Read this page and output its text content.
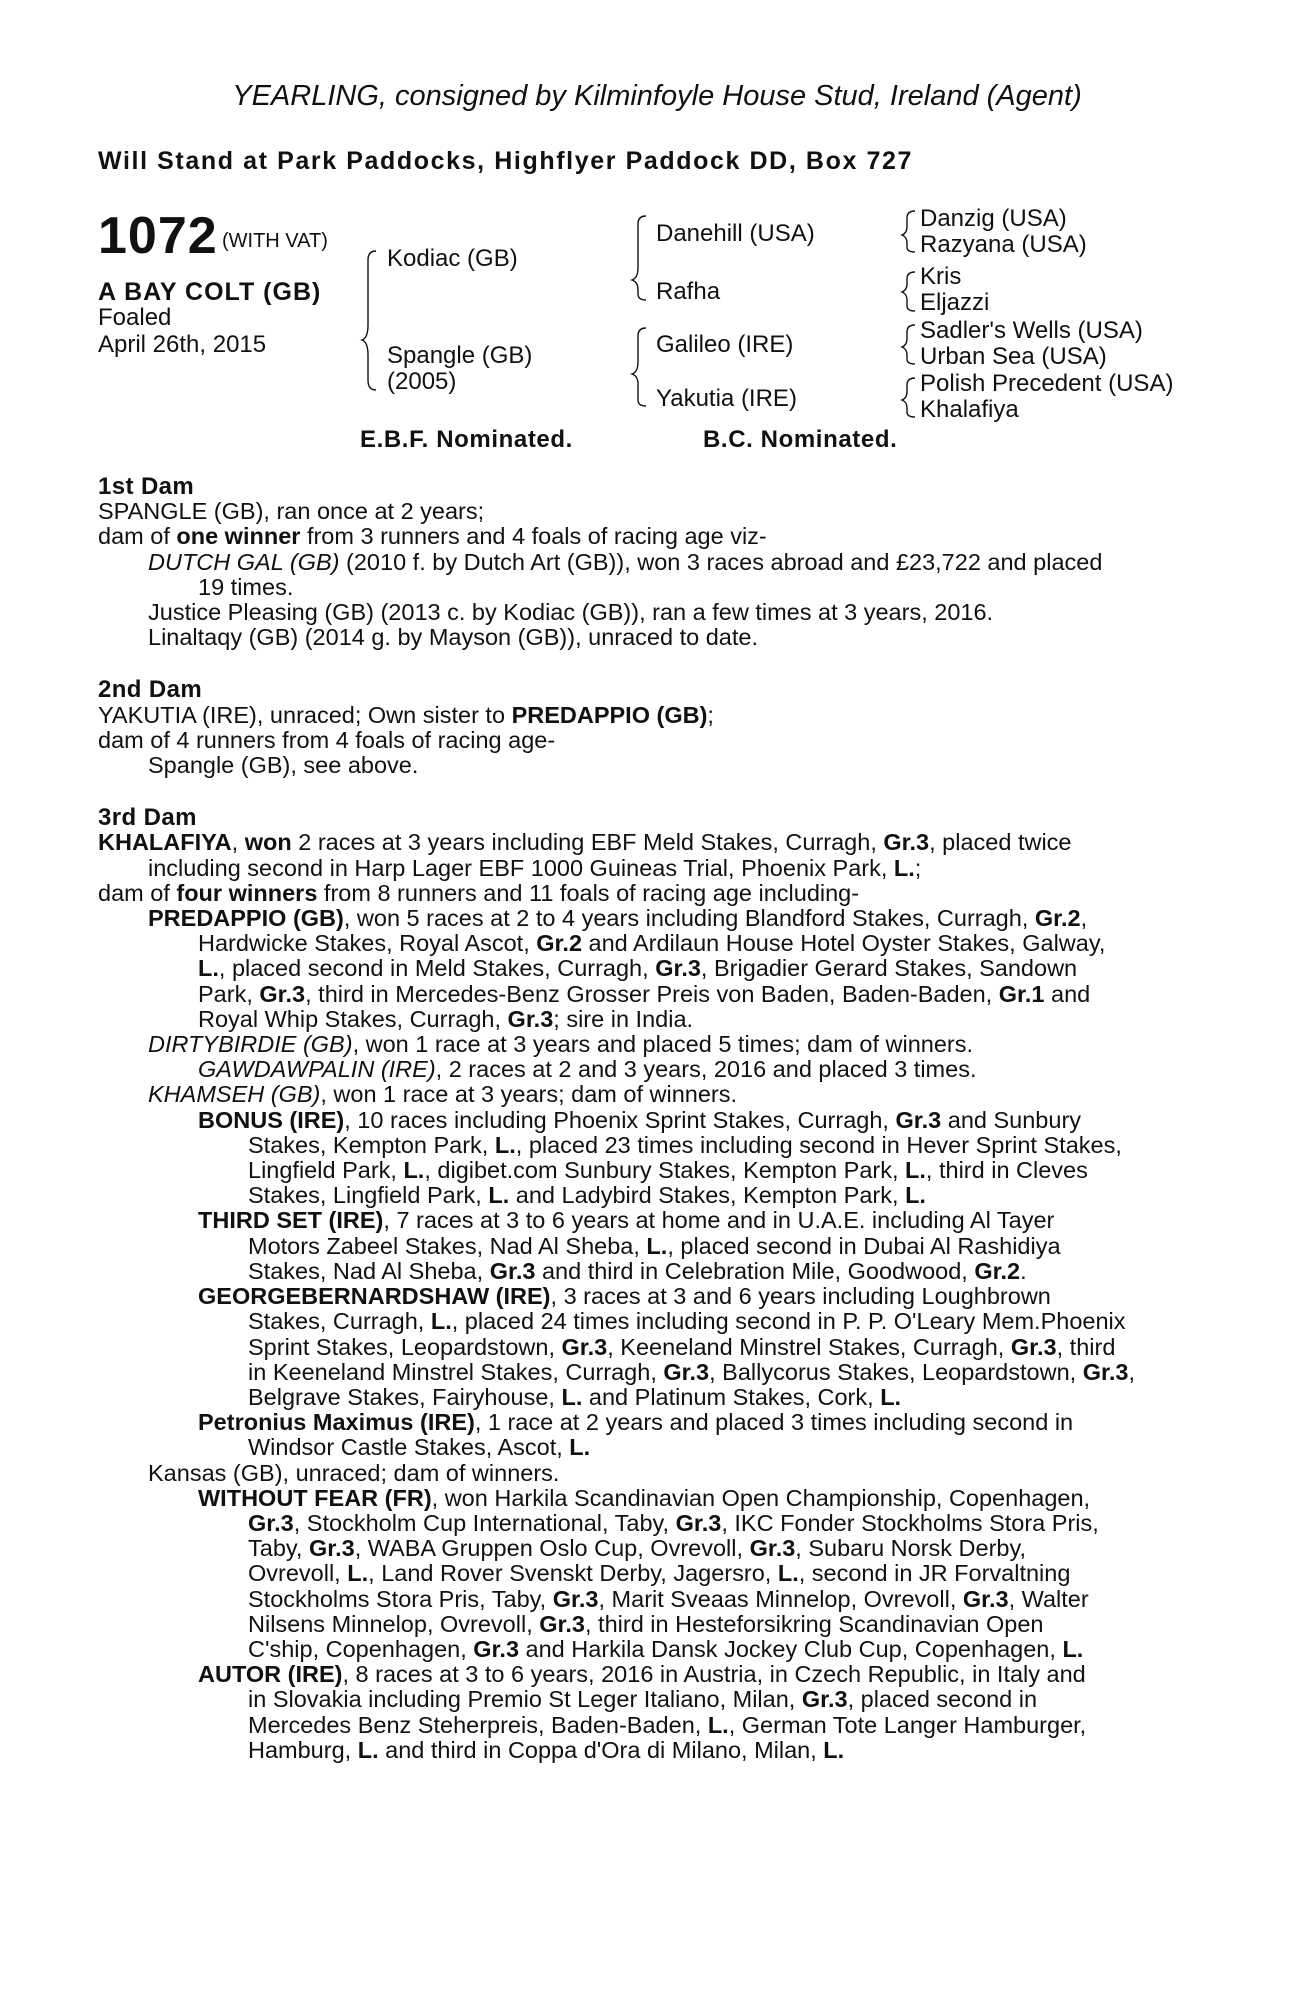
YEARLING, consigned by Kilminfoyle House Stud, Ireland (Agent)
Will Stand at Park Paddocks, Highflyer Paddock DD, Box 727
1072 (WITH VAT)
A BAY COLT (GB)
Foaled
April 26th, 2015
Kodiac (GB)
Spangle (GB)
(2005)
Danehill (USA)
Rafha
Galileo (IRE)
Yakutia (IRE)
Danzig (USA)
Razyana (USA)
Kris
Eljazzi
Sadler's Wells (USA)
Urban Sea (USA)
Polish Precedent (USA)
Khalafiya
E.B.F. Nominated.	B.C. Nominated.
1st Dam
SPANGLE (GB), ran once at 2 years;
dam of one winner from 3 runners and 4 foals of racing age viz-
DUTCH GAL (GB) (2010 f. by Dutch Art (GB)), won 3 races abroad and £23,722 and placed
19 times.
Justice Pleasing (GB) (2013 c. by Kodiac (GB)), ran a few times at 3 years, 2016.
Linaltaqy (GB) (2014 g. by Mayson (GB)), unraced to date.
2nd Dam
YAKUTIA (IRE), unraced; Own sister to PREDAPPIO (GB);
dam of 4 runners from 4 foals of racing age-
Spangle (GB), see above.
3rd Dam
KHALAFIYA, won 2 races at 3 years including EBF Meld Stakes, Curragh, Gr.3, placed twice
including second in Harp Lager EBF 1000 Guineas Trial, Phoenix Park, L.;
dam of four winners from 8 runners and 11 foals of racing age including-
PREDAPPIO (GB), won 5 races at 2 to 4 years including Blandford Stakes, Curragh, Gr.2,
Hardwicke Stakes, Royal Ascot, Gr.2 and Ardilaun House Hotel Oyster Stakes, Galway,
L., placed second in Meld Stakes, Curragh, Gr.3, Brigadier Gerard Stakes, Sandown
Park, Gr.3, third in Mercedes-Benz Grosser Preis von Baden, Baden-Baden, Gr.1 and
Royal Whip Stakes, Curragh, Gr.3; sire in India.
DIRTYBIRDIE (GB), won 1 race at 3 years and placed 5 times; dam of winners.
GAWDAWPALIN (IRE), 2 races at 2 and 3 years, 2016 and placed 3 times.
KHAMSEH (GB), won 1 race at 3 years; dam of winners.
BONUS (IRE), 10 races including Phoenix Sprint Stakes, Curragh, Gr.3 and Sunbury
Stakes, Kempton Park, L., placed 23 times including second in Hever Sprint Stakes,
Lingfield Park, L., digibet.com Sunbury Stakes, Kempton Park, L., third in Cleves
Stakes, Lingfield Park, L. and Ladybird Stakes, Kempton Park, L.
THIRD SET (IRE), 7 races at 3 to 6 years at home and in U.A.E. including Al Tayer
Motors Zabeel Stakes, Nad Al Sheba, L., placed second in Dubai Al Rashidiya
Stakes, Nad Al Sheba, Gr.3 and third in Celebration Mile, Goodwood, Gr.2.
GEORGEBERNARDSHAW (IRE), 3 races at 3 and 6 years including Loughbrown
Stakes, Curragh, L., placed 24 times including second in P. P. O'Leary Mem.Phoenix
Sprint Stakes, Leopardstown, Gr.3, Keeneland Minstrel Stakes, Curragh, Gr.3, third
in Keeneland Minstrel Stakes, Curragh, Gr.3, Ballycorus Stakes, Leopardstown, Gr.3,
Belgrave Stakes, Fairyhouse, L. and Platinum Stakes, Cork, L.
Petronius Maximus (IRE), 1 race at 2 years and placed 3 times including second in
Windsor Castle Stakes, Ascot, L.
Kansas (GB), unraced; dam of winners.
WITHOUT FEAR (FR), won Harkila Scandinavian Open Championship, Copenhagen,
Gr.3, Stockholm Cup International, Taby, Gr.3, IKC Fonder Stockholms Stora Pris,
Taby, Gr.3, WABA Gruppen Oslo Cup, Ovrevoll, Gr.3, Subaru Norsk Derby,
Ovrevoll, L., Land Rover Svenskt Derby, Jagersro, L., second in JR Forvaltning
Stockholms Stora Pris, Taby, Gr.3, Marit Sveaas Minnelop, Ovrevoll, Gr.3, Walter
Nilsens Minnelop, Ovrevoll, Gr.3, third in Hesteforsikring Scandinavian Open
C'ship, Copenhagen, Gr.3 and Harkila Dansk Jockey Club Cup, Copenhagen, L.
AUTOR (IRE), 8 races at 3 to 6 years, 2016 in Austria, in Czech Republic, in Italy and
in Slovakia including Premio St Leger Italiano, Milan, Gr.3, placed second in
Mercedes Benz Steherpreis, Baden-Baden, L., German Tote Langer Hamburger,
Hamburg, L. and third in Coppa d'Ora di Milano, Milan, L.
